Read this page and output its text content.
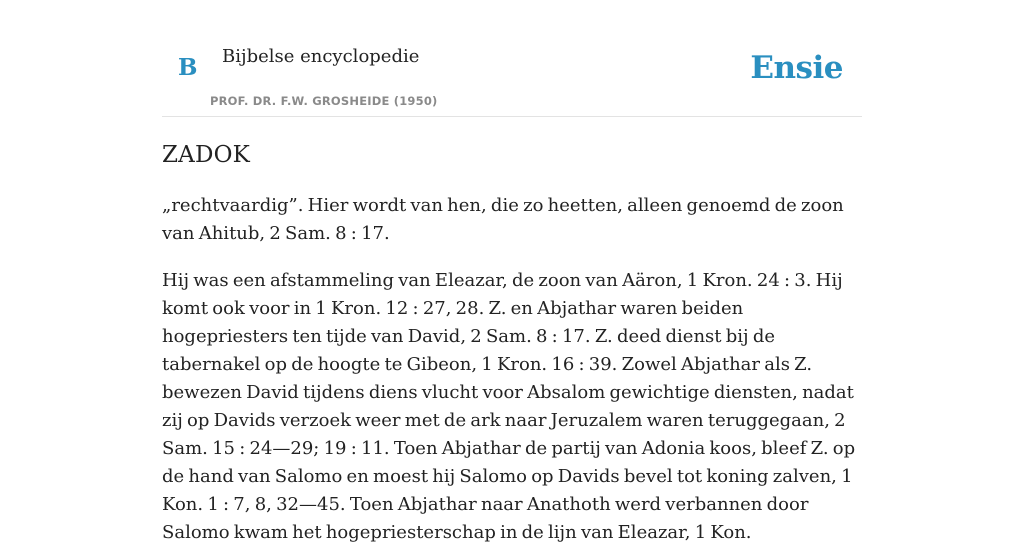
B Bijbelse encyclopedie
PROF. DR. F.W. GROSHEIDE (1950)
Ensie
ZADOK

„rechtvaardig”. Hier wordt van hen, die zo heetten, alleen genoemd de zoon van Ahitub, 2 Sam. 8 : 17.

Hij was een afstammeling van Eleazar, de zoon van Aäron, 1 Kron. 24 : 3. Hij komt ook voor in 1 Kron. 12 : 27, 28. Z. en Abjathar waren beiden hogepriesters ten tijde van David, 2 Sam. 8 : 17. Z. deed dienst bij de tabernakel op de hoogte te Gibeon, 1 Kron. 16 : 39. Zowel Abjathar als Z. bewezen David tijdens diens vlucht voor Absalom gewichtige diensten, nadat zij op Davids verzoek weer met de ark naar Jeruzalem waren teruggegaan, 2 Sam. 15 : 24—29; 19 : 11. Toen Abjathar de partij van Adonia koos, bleef Z. op de hand van Salomo en moest hij Salomo op Davids bevel tot koning zalven, 1 Kon. 1 : 7, 8, 32—45. Toen Abjathar naar Anathoth werd verbannen door Salomo kwam het hogepriesterschap in de lijn van Eleazar, 1 Kon.
